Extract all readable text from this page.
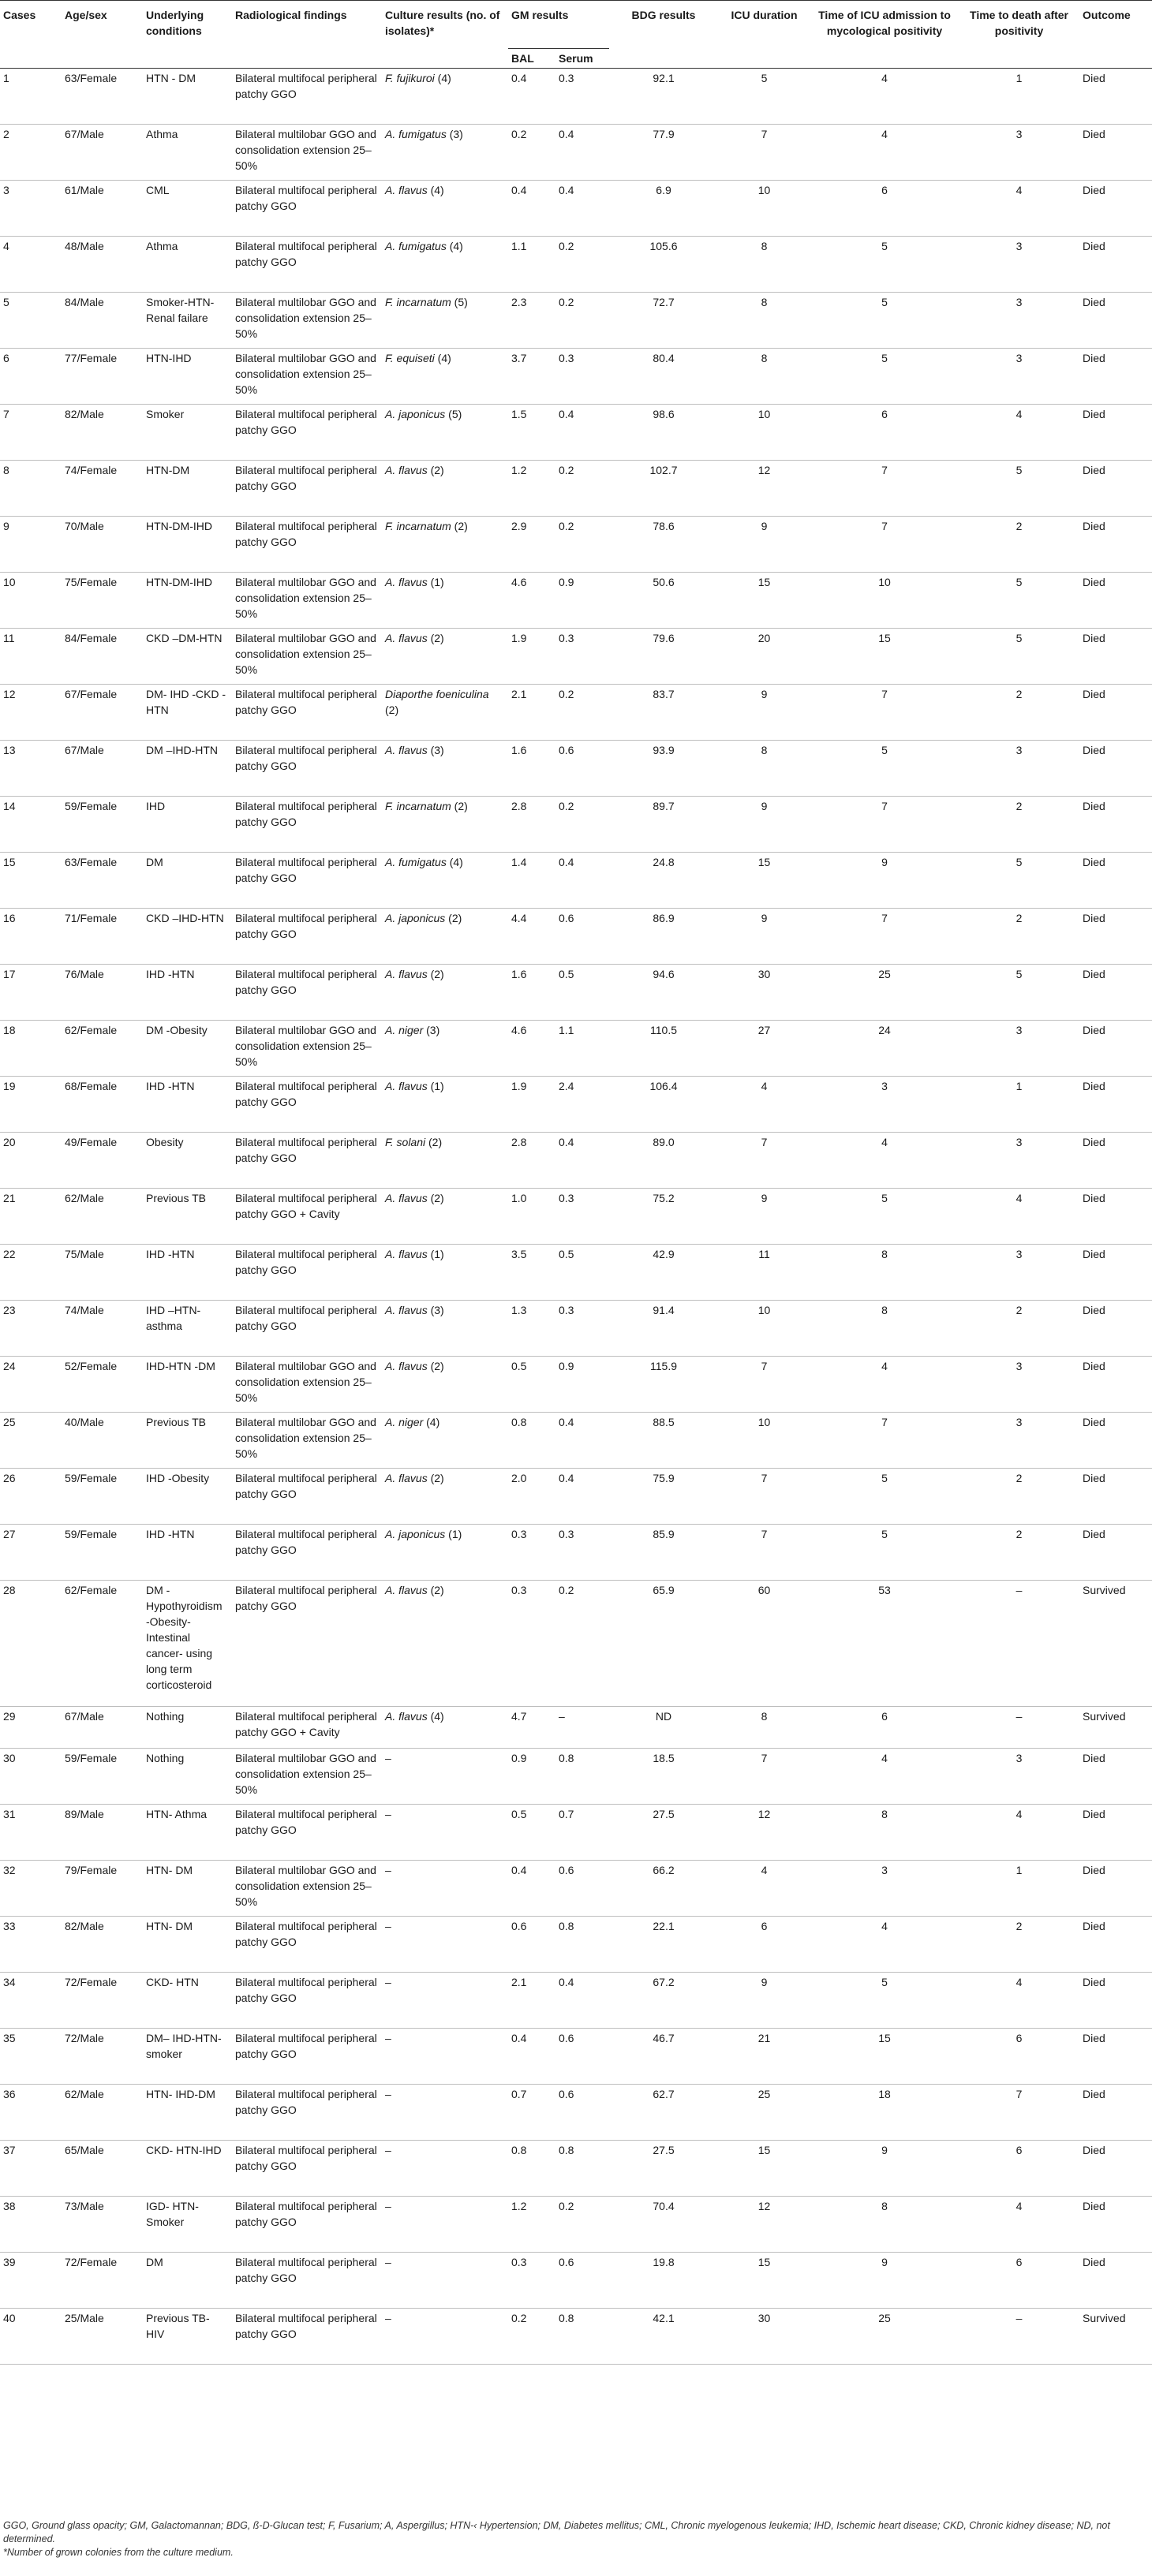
Cases	Age/sex	Underlying conditions	Radiological findings	Culture results (no. of isolates)*	GM results		BDG results	ICU duration	Time of ICU admission to mycological positivity	Time to death after positivity	Outcome
					BAL	Serum					
1	63/Female	HTN - DM	Bilateral multifocal peripheral patchy GGO	F. fujikuroi (4)	0.4	0.3	92.1	5	4	1	Died
2	67/Male	Athma	Bilateral multilobar GGO and consolidation extension 25–50%	A. fumigatus (3)	0.2	0.4	77.9	7	4	3	Died
3	61/Male	CML	Bilateral multifocal peripheral patchy GGO	A. flavus (4)	0.4	0.4	6.9	10	6	4	Died
4	48/Male	Athma	Bilateral multifocal peripheral patchy GGO	A. fumigatus (4)	1.1	0.2	105.6	8	5	3	Died
5	84/Male	Smoker-HTN-Renal failare	Bilateral multilobar GGO and consolidation extension 25–50%	F. incarnatum (5)	2.3	0.2	72.7	8	5	3	Died
6	77/Female	HTN-IHD	Bilateral multilobar GGO and consolidation extension 25–50%	F. equiseti (4)	3.7	0.3	80.4	8	5	3	Died
7	82/Male	Smoker	Bilateral multifocal peripheral patchy GGO	A. japonicus (5)	1.5	0.4	98.6	10	6	4	Died
8	74/Female	HTN-DM	Bilateral multifocal peripheral patchy GGO	A. flavus (2)	1.2	0.2	102.7	12	7	5	Died
9	70/Male	HTN-DM-IHD	Bilateral multifocal peripheral patchy GGO	F. incarnatum (2)	2.9	0.2	78.6	9	7	2	Died
10	75/Female	HTN-DM-IHD	Bilateral multilobar GGO and consolidation extension 25–50%	A. flavus (1)	4.6	0.9	50.6	15	10	5	Died
11	84/Female	CKD –DM-HTN	Bilateral multilobar GGO and consolidation extension 25–50%	A. flavus (2)	1.9	0.3	79.6	20	15	5	Died
12	67/Female	DM- IHD -CKD -HTN	Bilateral multifocal peripheral patchy GGO	Diaporthe foeniculina (2)	2.1	0.2	83.7	9	7	2	Died
13	67/Male	DM –IHD-HTN	Bilateral multifocal peripheral patchy GGO	A. flavus (3)	1.6	0.6	93.9	8	5	3	Died
14	59/Female	IHD	Bilateral multifocal peripheral patchy GGO	F. incarnatum (2)	2.8	0.2	89.7	9	7	2	Died
15	63/Female	DM	Bilateral multifocal peripheral patchy GGO	A. fumigatus (4)	1.4	0.4	24.8	15	9	5	Died
16	71/Female	CKD –IHD-HTN	Bilateral multifocal peripheral patchy GGO	A. japonicus (2)	4.4	0.6	86.9	9	7	2	Died
17	76/Male	IHD -HTN	Bilateral multifocal peripheral patchy GGO	A. flavus (2)	1.6	0.5	94.6	30	25	5	Died
18	62/Female	DM -Obesity	Bilateral multilobar GGO and consolidation extension 25–50%	A. niger (3)	4.6	1.1	110.5	27	24	3	Died
19	68/Female	IHD -HTN	Bilateral multifocal peripheral patchy GGO	A. flavus (1)	1.9	2.4	106.4	4	3	1	Died
20	49/Female	Obesity	Bilateral multifocal peripheral patchy GGO	F. solani (2)	2.8	0.4	89.0	7	4	3	Died
21	62/Male	Previous TB	Bilateral multifocal peripheral patchy GGO + Cavity	A. flavus (2)	1.0	0.3	75.2	9	5	4	Died
22	75/Male	IHD -HTN	Bilateral multifocal peripheral patchy GGO	A. flavus (1)	3.5	0.5	42.9	11	8	3	Died
23	74/Male	IHD –HTN-asthma	Bilateral multifocal peripheral patchy GGO	A. flavus (3)	1.3	0.3	91.4	10	8	2	Died
24	52/Female	IHD-HTN -DM	Bilateral multilobar GGO and consolidation extension 25–50%	A. flavus (2)	0.5	0.9	115.9	7	4	3	Died
25	40/Male	Previous TB	Bilateral multilobar GGO and consolidation extension 25–50%	A. niger (4)	0.8	0.4	88.5	10	7	3	Died
26	59/Female	IHD -Obesity	Bilateral multifocal peripheral patchy GGO	A. flavus (2)	2.0	0.4	75.9	7	5	2	Died
27	59/Female	IHD -HTN	Bilateral multifocal peripheral patchy GGO	A. japonicus (1)	0.3	0.3	85.9	7	5	2	Died
28	62/Female	DM -Hypothyroidism -Obesity- Intestinal cancer- using long term corticosteroid	Bilateral multifocal peripheral patchy GGO	A. flavus (2)	0.3	0.2	65.9	60	53	–	Survived
29	67/Male	Nothing	Bilateral multifocal peripheral patchy GGO + Cavity	A. flavus (4)	4.7	–	ND	8	6	–	Survived
30	59/Female	Nothing	Bilateral multilobar GGO and consolidation extension 25–50%	–	0.9	0.8	18.5	7	4	3	Died
31	89/Male	HTN- Athma	Bilateral multifocal peripheral patchy GGO	–	0.5	0.7	27.5	12	8	4	Died
32	79/Female	HTN- DM	Bilateral multilobar GGO and consolidation extension 25–50%	–	0.4	0.6	66.2	4	3	1	Died
33	82/Male	HTN- DM	Bilateral multifocal peripheral patchy GGO	–	0.6	0.8	22.1	6	4	2	Died
34	72/Female	CKD- HTN	Bilateral multifocal peripheral patchy GGO	–	2.1	0.4	67.2	9	5	4	Died
35	72/Male	DM– IHD-HTN-smoker	Bilateral multifocal peripheral patchy GGO	–	0.4	0.6	46.7	21	15	6	Died
36	62/Male	HTN- IHD-DM	Bilateral multifocal peripheral patchy GGO	–	0.7	0.6	62.7	25	18	7	Died
37	65/Male	CKD- HTN-IHD	Bilateral multifocal peripheral patchy GGO	–	0.8	0.8	27.5	15	9	6	Died
38	73/Male	IGD- HTN-Smoker	Bilateral multifocal peripheral patchy GGO	–	1.2	0.2	70.4	12	8	4	Died
39	72/Female	DM	Bilateral multifocal peripheral patchy GGO	–	0.3	0.6	19.8	15	9	6	Died
40	25/Male	Previous TB-HIV	Bilateral multifocal peripheral patchy GGO	–	0.2	0.8	42.1	30	25	–	Survived
GGO, Ground glass opacity; GM, Galactomannan; BDG, ß-D-Glucan test; F, Fusarium; A, Aspergillus; HTN-‹ Hypertension; DM, Diabetes mellitus; CML, Chronic myelogenous leukemia; IHD, Ischemic heart disease; CKD, Chronic kidney disease; ND, not determined.
*Number of grown colonies from the culture medium.
